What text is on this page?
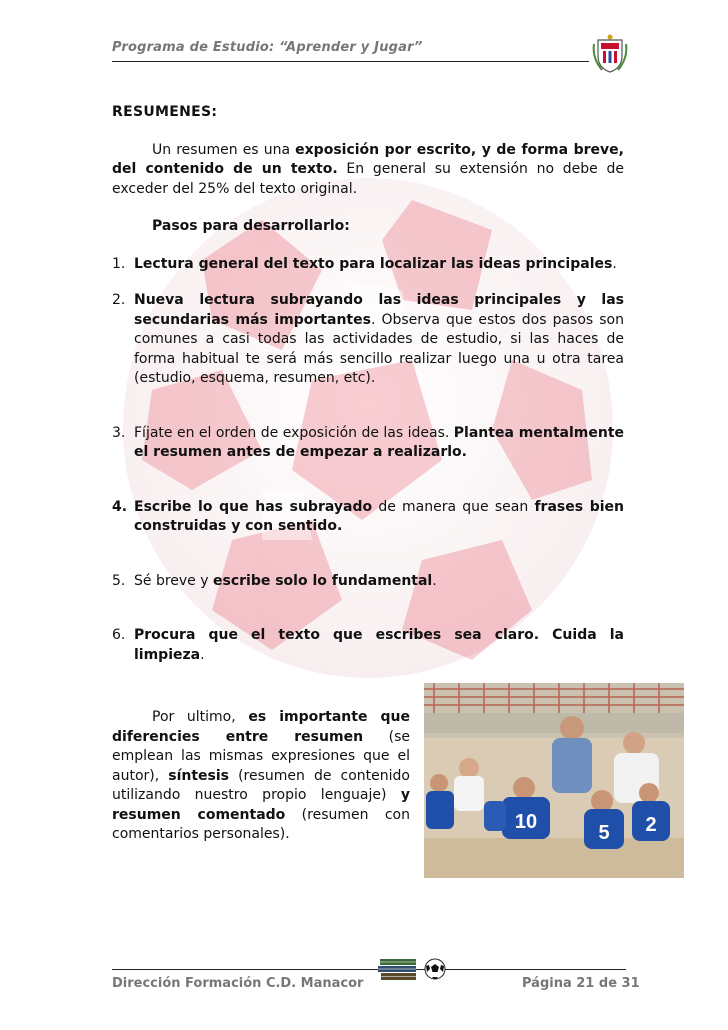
Programa de Estudio: “Aprender y Jugar”
RESUMENES:

Un resumen es una exposición por escrito, y de forma breve, del contenido de un texto. En general su extensión no debe de exceder del 25% del texto original.

Pasos para desarrollarlo:
1. Lectura general del texto para localizar las ideas principales.
2. Nueva lectura subrayando las ideas principales y las secundarias más importantes. Observa que estos dos pasos son comunes a casi todas las actividades de estudio, si las haces de forma habitual te será más sencillo realizar luego una u otra tarea (estudio, esquema, resumen, etc).
3. Fíjate en el orden de exposición de las ideas. Plantea mentalmente el resumen antes de empezar a realizarlo.
4. Escribe lo que has subrayado de manera que sean frases bien construidas y con sentido.
5. Sé breve y escribe solo lo fundamental.
6. Procura que el texto que escribes sea claro. Cuida la limpieza.

Por ultimo, es importante que diferencies entre resumen (se emplean las mismas expresiones que el autor), síntesis (resumen de contenido utilizando nuestro propio lenguaje) y resumen comentado (resumen con comentarios personales).

10	5 2
Dirección Formación C.D. Manacor	Página 21 de 31
